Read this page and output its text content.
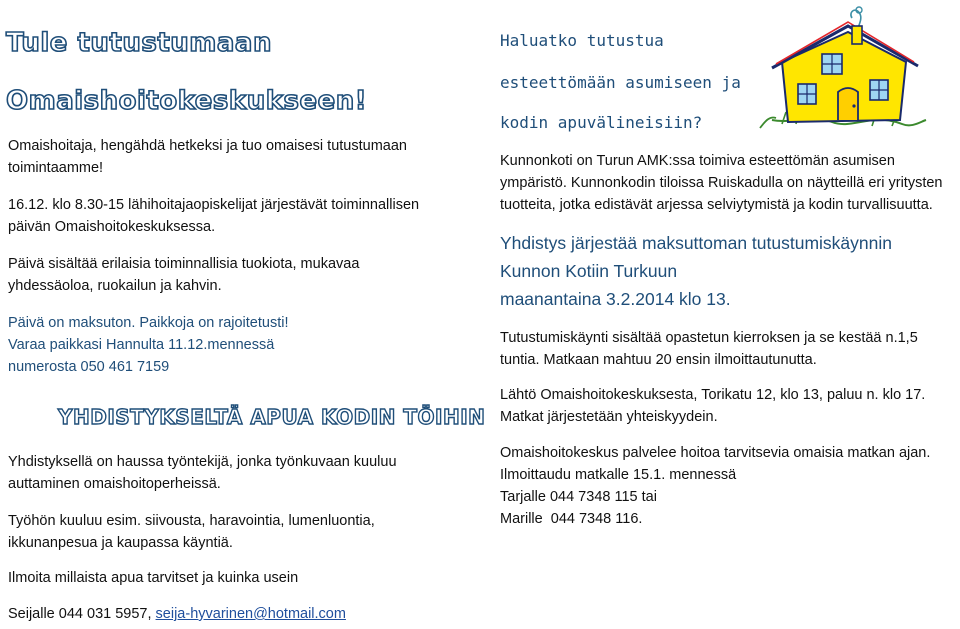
Tule tutustumaan
Omaishoitokeskukseen!

Omaishoitaja, hengähdä hetkeksi ja tuo omaisesi tutustumaan
toimintaamme!

16.12. klo 8.30-15 lähihoitajaopiskelijat järjestävät toiminnallisen
päivän Omaishoitokeskuksessa.

Päivä sisältää erilaisia toiminnallisia tuokiota, mukavaa
yhdessäoloa, ruokailun ja kahvin.

Päivä on maksuton. Paikkoja on rajoitetusti!
Varaa paikkasi Hannulta 11.12.mennessä
numerosta 050 461 7159

YHDISTYKSELTÄ APUA KODIN TÖIHIN

Yhdistyksellä on haussa työntekijä, jonka työnkuvaan kuuluu
auttaminen omaishoitoperheissä.

Työhön kuuluu esim. siivousta, haravointia, lumenluontia,
ikkunanpesua ja kaupassa käyntiä.

Ilmoita millaista apua tarvitset ja kuinka usein

Seijalle 044 031 5957, seija-hyvarinen@hotmail.com

Haluatko tutustua

esteettömään asumiseen ja

kodin apuvälineisiin?

Kunnonkoti on Turun AMK:ssa toimiva esteettömän asumisen
ympäristö. Kunnonkodin tiloissa Ruiskadulla on näytteillä eri yritysten
tuotteita, jotka edistävät arjessa selviytymistä ja kodin turvallisuutta.

Yhdistys järjestää maksuttoman tutustumiskäynnin

Kunnon Kotiin Turkuun

maanantaina 3.2.2014 klo 13.

Tutustumiskäynti sisältää opastetun kierroksen ja se kestää n.1,5
tuntia. Matkaan mahtuu 20 ensin ilmoittautunutta.

Lähtö Omaishoitokeskuksesta, Torikatu 12, klo 13, paluu n. klo 17.
Matkat järjestetään yhteiskyydein.

Omaishoitokeskus palvelee hoitoa tarvitsevia omaisia matkan ajan.
Ilmoittaudu matkalle 15.1. mennessä
Tarjalle 044 7348 115 tai
Marille  044 7348 116.
